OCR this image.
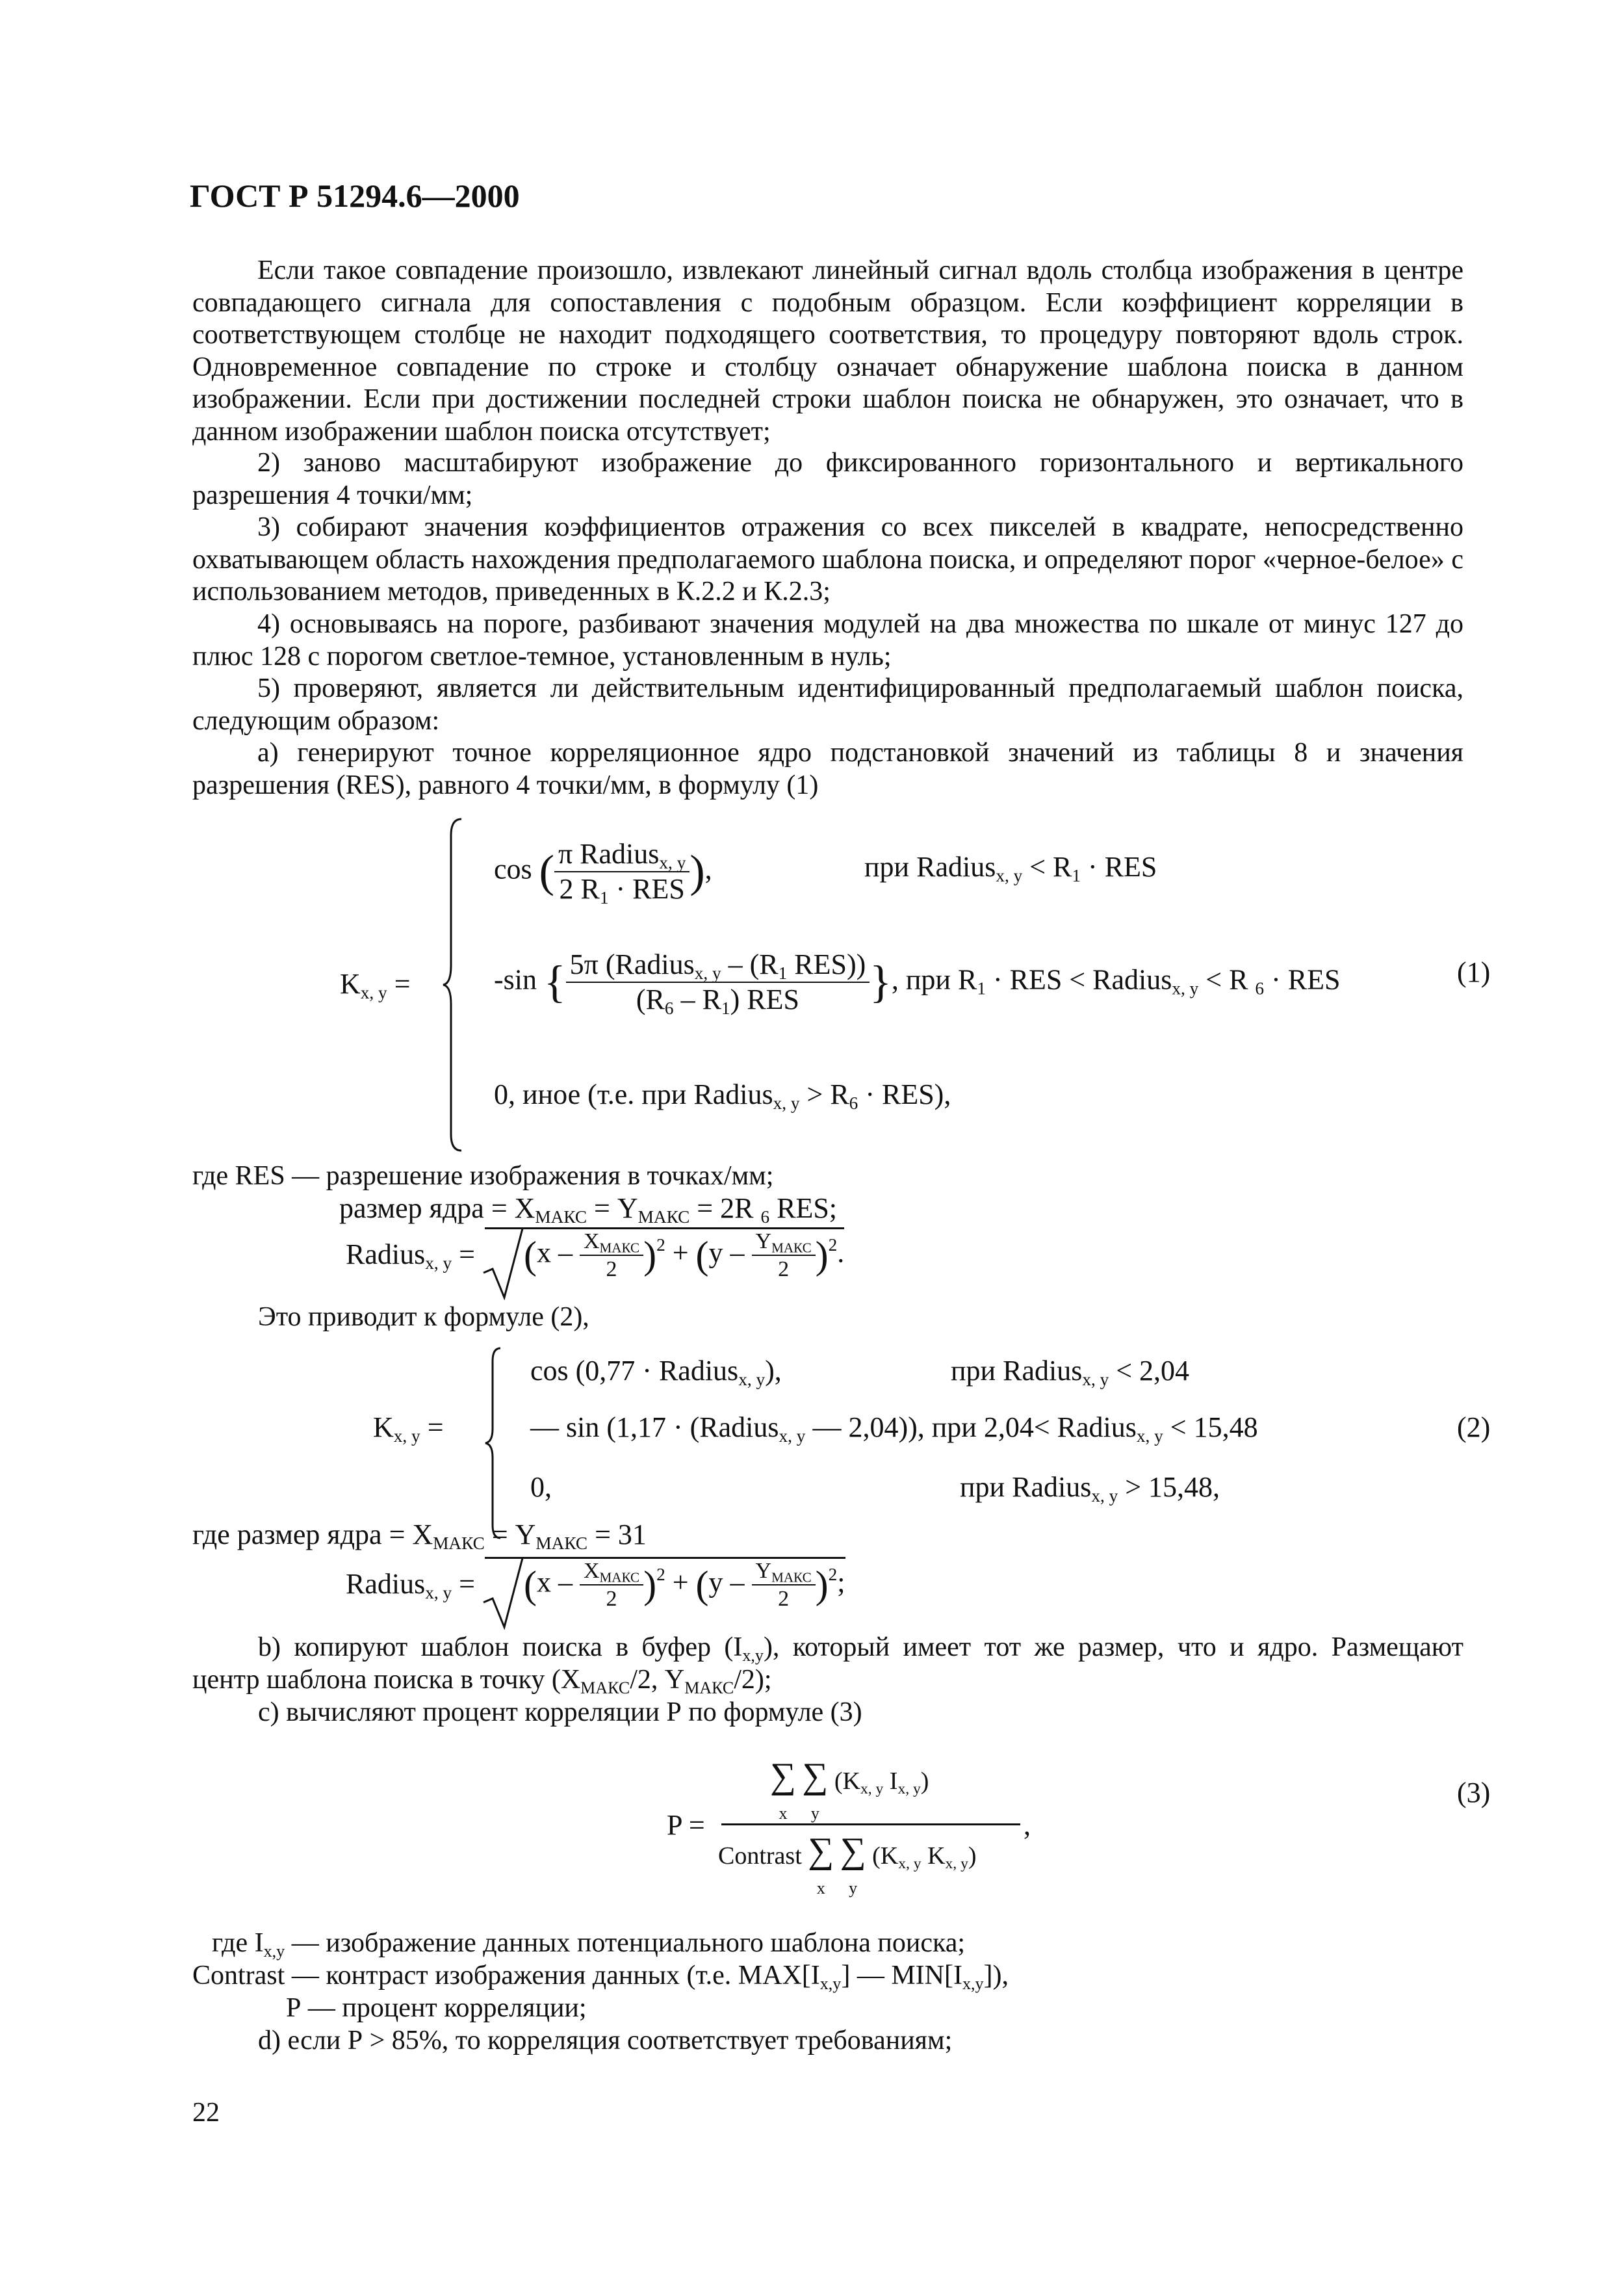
ГОСТ Р 51294.6—2000
Если такое совпадение произошло, извлекают линейный сигнал вдоль столбца изображения в центре совпадающего сигнала для сопоставления с подобным образцом. Если коэффициент корреляции в соответствующем столбце не находит подходящего соответствия, то процедуру повторяют вдоль строк. Одновременное совпадение по строке и столбцу означает обнаружение шаблона поиска в данном изображении. Если при достижении последней строки шаблон поиска не обнаружен, это означает, что в данном изображении шаблон поиска отсутствует;
2) заново масштабируют изображение до фиксированного горизонтального и вертикального разрешения 4 точки/мм;
3) собирают значения коэффициентов отражения со всех пикселей в квадрате, непосредственно охватывающем область нахождения предполагаемого шаблона поиска, и определяют порог «черное-белое» с использованием методов, приведенных в К.2.2 и К.2.3;
4) основываясь на пороге, разбивают значения модулей на два множества по шкале от минус 127 до плюс 128 с порогом светлое-темное, установленным в нуль;
5) проверяют, является ли действительным идентифицированный предполагаемый шаблон поиска, следующим образом:
а) генерируют точное корреляционное ядро подстановкой значений из таблицы 8 и значения разрешения (RES), равного 4 точки/мм, в формулу (1)
$K_{x, y}$ =
cos ( $\frac{\pi Radius_{x, y}}{2 R_1 \cdot RES}$ ),	при Radius$_{x, y}$ < $R_1$ · RES
-sin { $\frac{5\pi (Radius_{x, y} - (R_1 RES))}{(R_6 - R_1) RES}$ }, при $R_1$ · RES < Radius$_{x, y}$ < R $_6$ · RES
0, иное (т.е. при Radius$_{x, y}$ > $R_6 \cdot RES$),
(1)
где RES — разрешение изображения в точках/мм;
размер ядра = $X_{МАКС} = Y_{МАКС} = 2R$ $_6$ RES;
Radius$_{x, y}$ =
$(x - \frac{X_{МАКС}}{2} )^2 + (y - \frac{Y_{МАКС}}{2} )^2$.
Это приводит к формуле (2),
$K_{x, y}$ =
cos (0,77 · Radius$_{x, y}$),	при Radius$_{x, y}$ < 2,04
— sin (1,17 · (Radius$_{x, y}$ — 2,04)), при 2,04< Radius$_{x, y}$ < 15,48
0,	при Radius$_{x, y}$ > 15,48,
(2)
где размер ядра = $X_{МАКС} = Y_{МАКС} = 31$
Radius$_{x, y}$ =
$(x - \frac{X_{МАКС}}{2} )^2 + (y - \frac{Y_{МАКС}}{2} )^2$;
b) копируют шаблон поиска в буфер $(I_{x,y})$, который имеет тот же размер, что и ядро. Размещают
центр шаблона поиска в точку ($X_{МАКС}/2$, $Y_{МАКС}/2$);
с) вычисляют процент корреляции Р по формуле (3)
P =
∑
x ∑
y ($K_{x, y}$ $I_{x, y}$)
Contrast ∑
x ∑
y ($K_{x, y}$ $K_{x, y}$)
,
(3)
где $I_{x,y}$ — изображение данных потенциального шаблона поиска;
Contrast — контраст изображения данных (т.е. $MAX[I_{x,y}]$ — $MIN[I_{x,y}]$),
Р — процент корреляции;
d) если Р > 85%, то корреляция соответствует требованиям;
22
